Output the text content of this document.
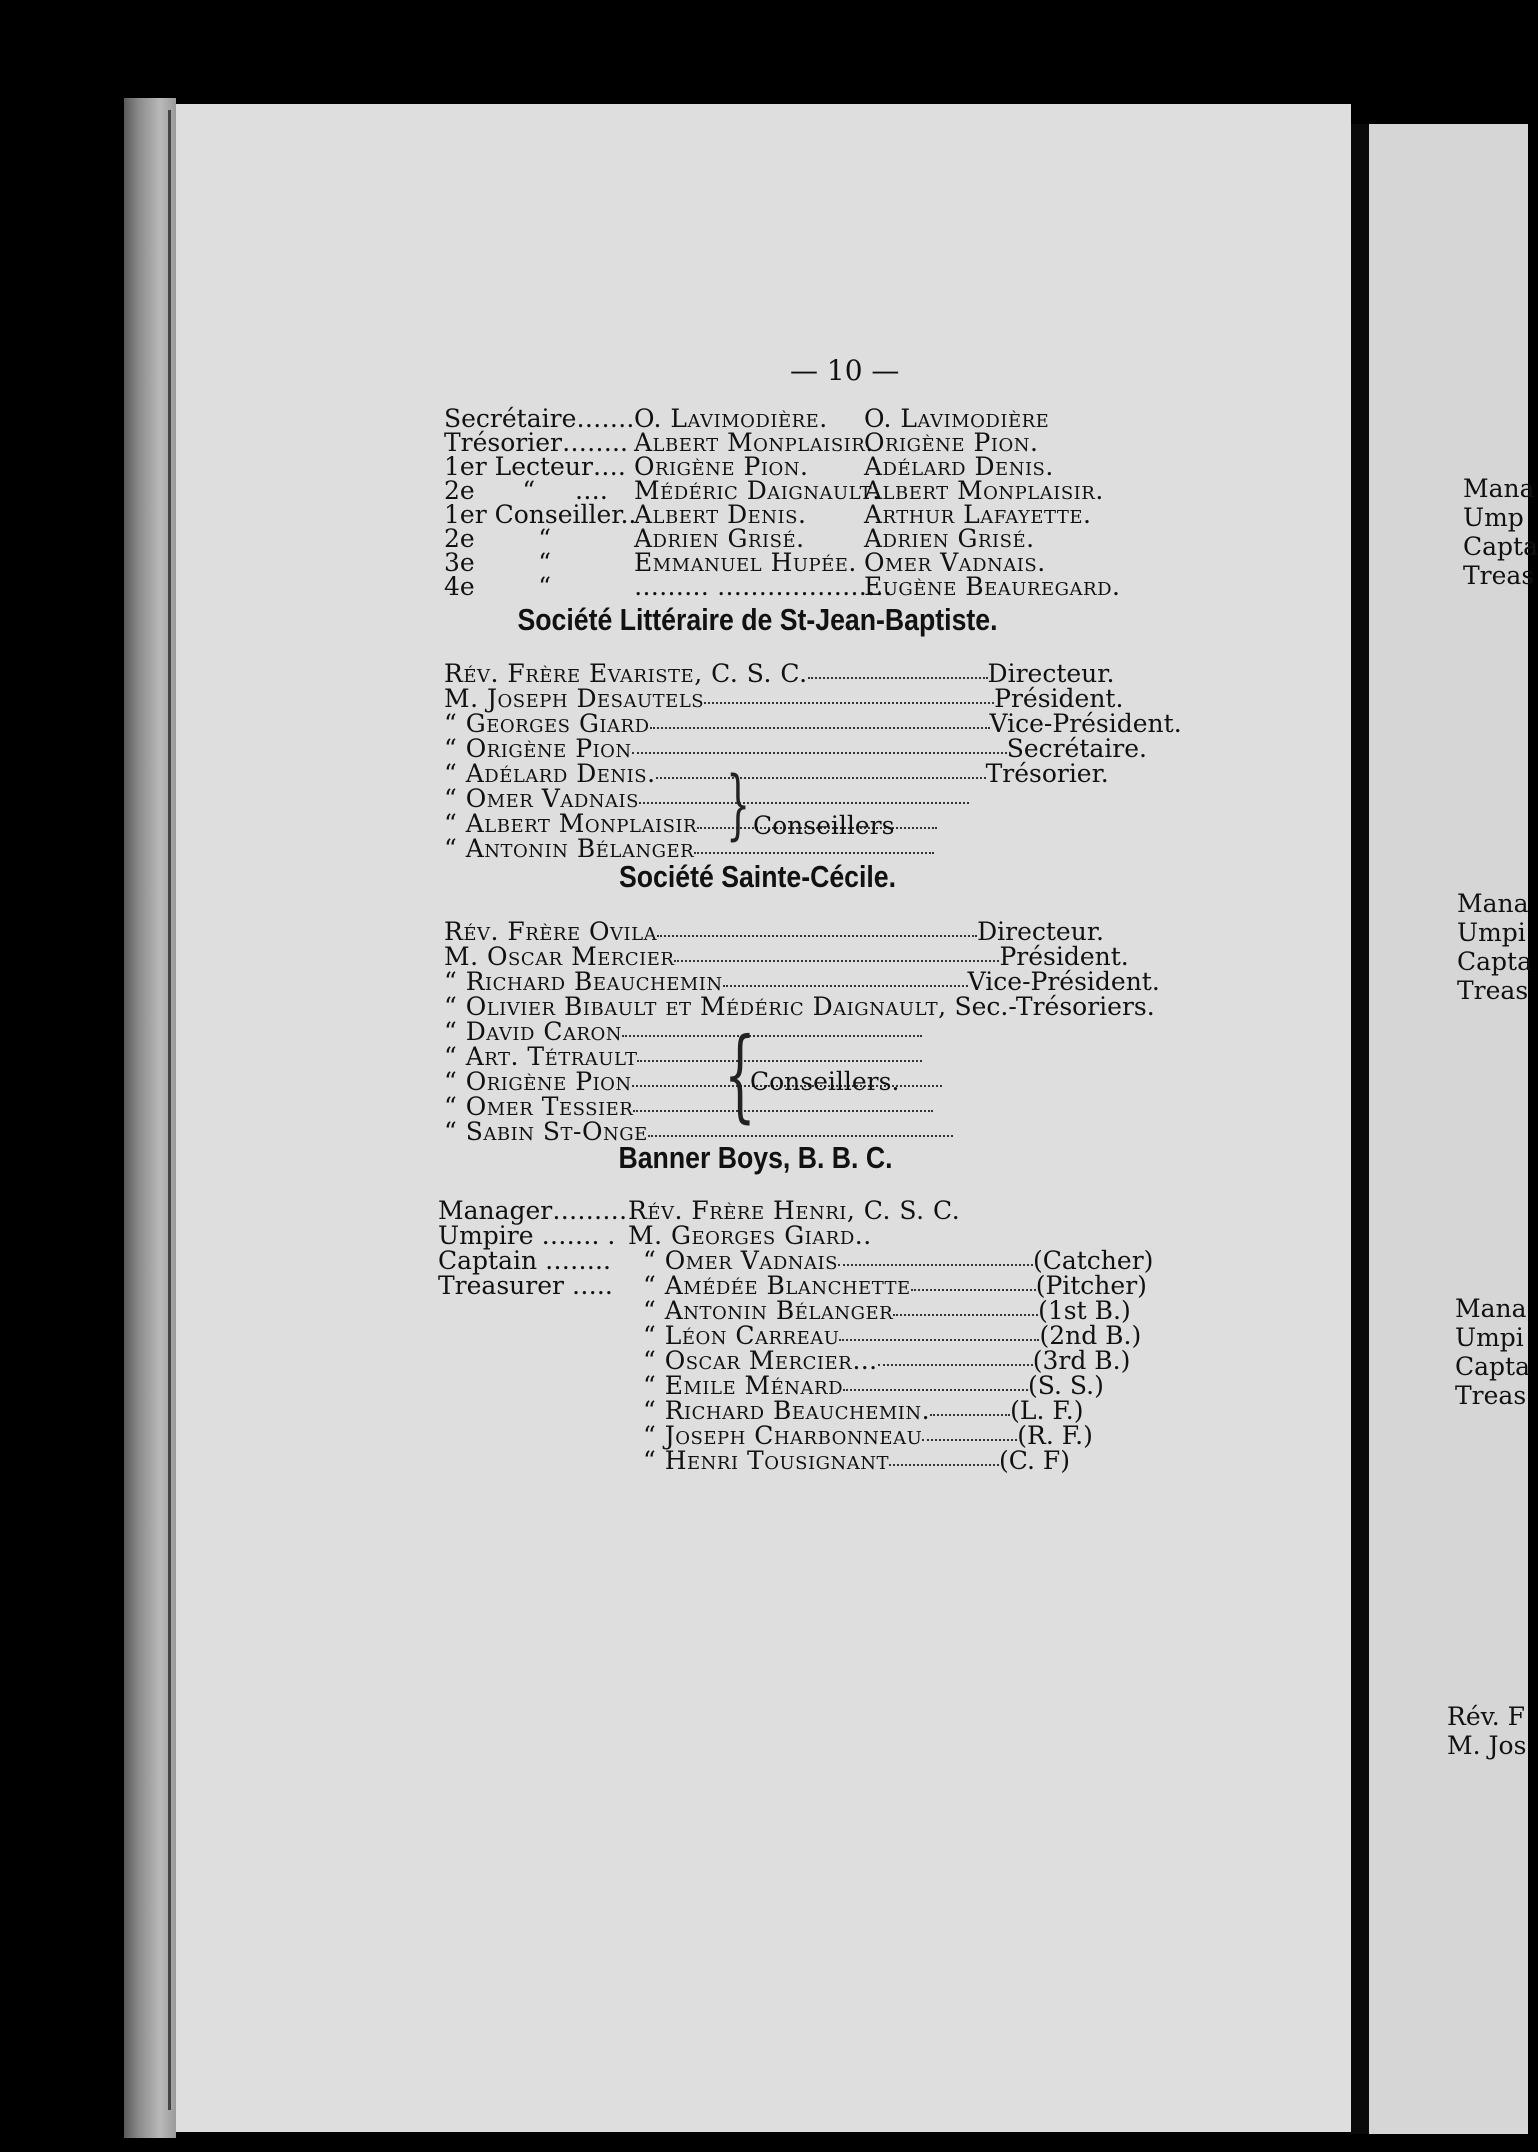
— 10 —
Secrétaire…….O. Lavimodière. O. Lavimodière
Trésorier…….. Albert Monplaisir.Origène Pion.
1er Lecteur…. Origène Pion. Adélard Denis.
2e      “     …. Médéric Daignault.Albert Monplaisir.
1er Conseiller..Albert Denis. Arthur Lafayette.
2e        “	Adrien Grisé. Adrien Grisé.
3e        “	Emmanuel Hupée. Omer Vadnais.
4e        “	……… …………………Eugène Beauregard.
Société Littéraire de St-Jean-Baptiste.
Rév. Frère Evariste, C. S. C.	Directeur.
M. Joseph Desautels	Président.
“ Georges Giard	Vice-Président.
“ Origène Pion	Secrétaire.
“ Adélard Denis.	Trésorier.
“ Omer Vadnais
“ Albert Monplaisir
“ Antonin Bélanger
} Conseillers
Société Sainte-Cécile.
Rév. Frère Ovila	Directeur.
M. Oscar Mercier	Président.
“ Richard Beauchemin	Vice-Président.
“ Olivier Bibault et Médéric Daignault, Sec.-Trésoriers.
“ David Caron
“ Art. Tétrault
“ Origène Pion
“ Omer Tessier
“ Sabin St-Onge {
Conseillers.
Banner Boys, B. B. C.
Manager………Rév. Frère Henri, C. S. C.
Umpire ……. . M. Georges Giard..
Captain …….. “ Omer Vadnais	(Catcher)
Treasurer ….. “ Amédée Blanchette	(Pitcher)
“ Antonin Bélanger	(1st B.)
“ Léon Carreau	(2nd B.)
“ Oscar Mercier…	(3rd B.)
“ Emile Ménard	(S. S.)
“ Richard Beauchemin.	(L. F.)
“ Joseph Charbonneau	(R. F.)
“ Henri Tousignant	(C. F)
Mana
Ump
Capta
Treas
Mana
Umpi
Capta
Treas
Mana
Umpi
Capta
Treas
Rév. F
M. Jos
